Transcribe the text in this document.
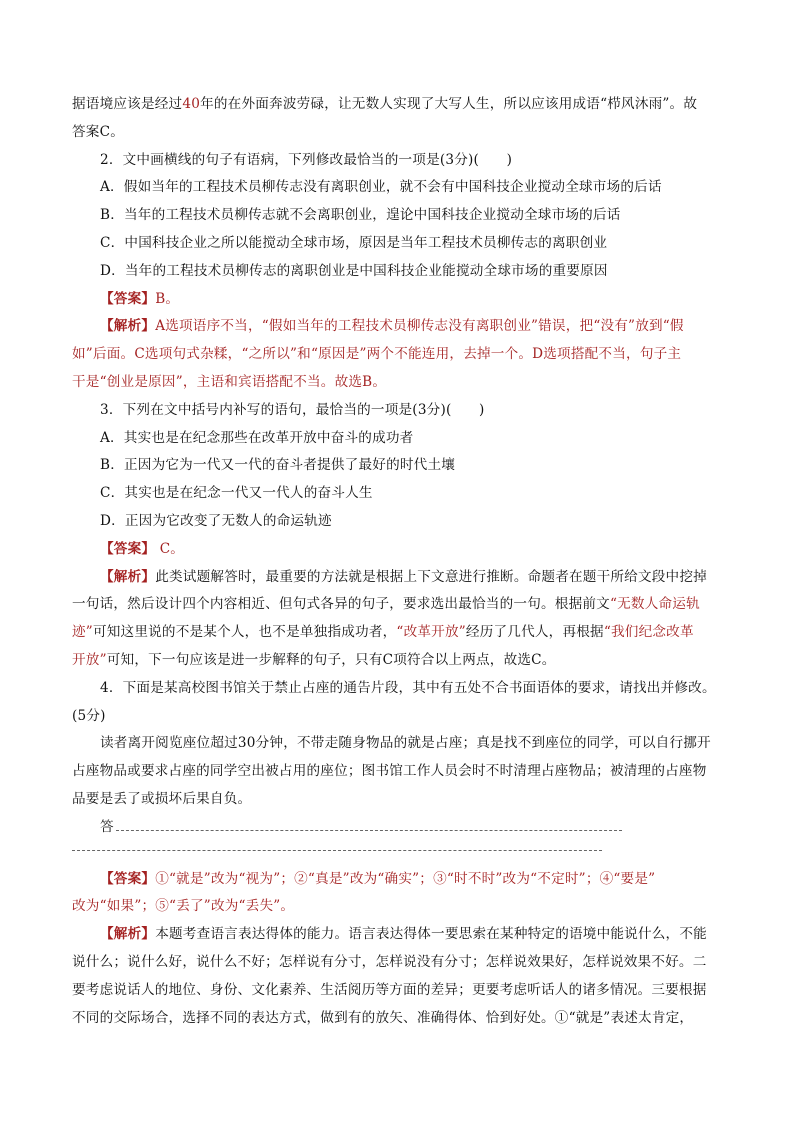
据语境应该是经过40年的在外面奔波劳碌，让无数人实现了大写人生，所以应该用成语“栉风沐雨”。故

答案C。

2．文中画横线的句子有语病，下列修改最恰当的一项是(3分)(　　)

A．假如当年的工程技术员柳传志没有离职创业，就不会有中国科技企业搅动全球市场的后话

B．当年的工程技术员柳传志就不会离职创业，遑论中国科技企业搅动全球市场的后话

C．中国科技企业之所以能搅动全球市场，原因是当年工程技术员柳传志的离职创业

D．当年的工程技术员柳传志的离职创业是中国科技企业能搅动全球市场的重要原因

【答案】B。

【解析】A选项语序不当，“假如当年的工程技术员柳传志没有离职创业”错误，把“没有”放到“假

如”后面。C选项句式杂糅，“之所以”和“原因是”两个不能连用，去掉一个。D选项搭配不当，句子主

干是“创业是原因”，主语和宾语搭配不当。故选B。

3．下列在文中括号内补写的语句，最恰当的一项是(3分)(　　)

A．其实也是在纪念那些在改革开放中奋斗的成功者

B．正因为它为一代又一代的奋斗者提供了最好的时代土壤

C．其实也是在纪念一代又一代人的奋斗人生

D．正因为它改变了无数人的命运轨迹

【答案】 C。

【解析】此类试题解答时，最重要的方法就是根据上下文意进行推断。命题者在题干所给文段中挖掉

一句话，然后设计四个内容相近、但句式各异的句子，要求选出最恰当的一句。根据前文“无数人命运轨

迹”可知这里说的不是某个人，也不是单独指成功者，“改革开放”经历了几代人，再根据“我们纪念改革

开放”可知，下一句应该是进一步解释的句子，只有C项符合以上两点，故选C。

4．下面是某高校图书馆关于禁止占座的通告片段，其中有五处不合书面语体的要求，请找出并修改。

(5分)

读者离开阅览座位超过30分钟，不带走随身物品的就是占座；真是找不到座位的同学，可以自行挪开

占座物品或要求占座的同学空出被占用的座位；图书馆工作人员会时不时清理占座物品；被清理的占座物

品要是丢了或损坏后果自负。

答

【答案】①“就是”改为“视为”；②“真是”改为“确实”；③“时不时”改为“不定时”；④“要是”

改为“如果”；⑤“丢了”改为“丢失”。

【解析】本题考查语言表达得体的能力。语言表达得体一要思索在某种特定的语境中能说什么，不能

说什么；说什么好，说什么不好；怎样说有分寸，怎样说没有分寸；怎样说效果好，怎样说效果不好。二

要考虑说话人的地位、身份、文化素养、生活阅历等方面的差异；更要考虑听话人的诸多情况。三要根据

不同的交际场合，选择不同的表达方式，做到有的放矢、准确得体、恰到好处。①“就是”表述太肯定，
